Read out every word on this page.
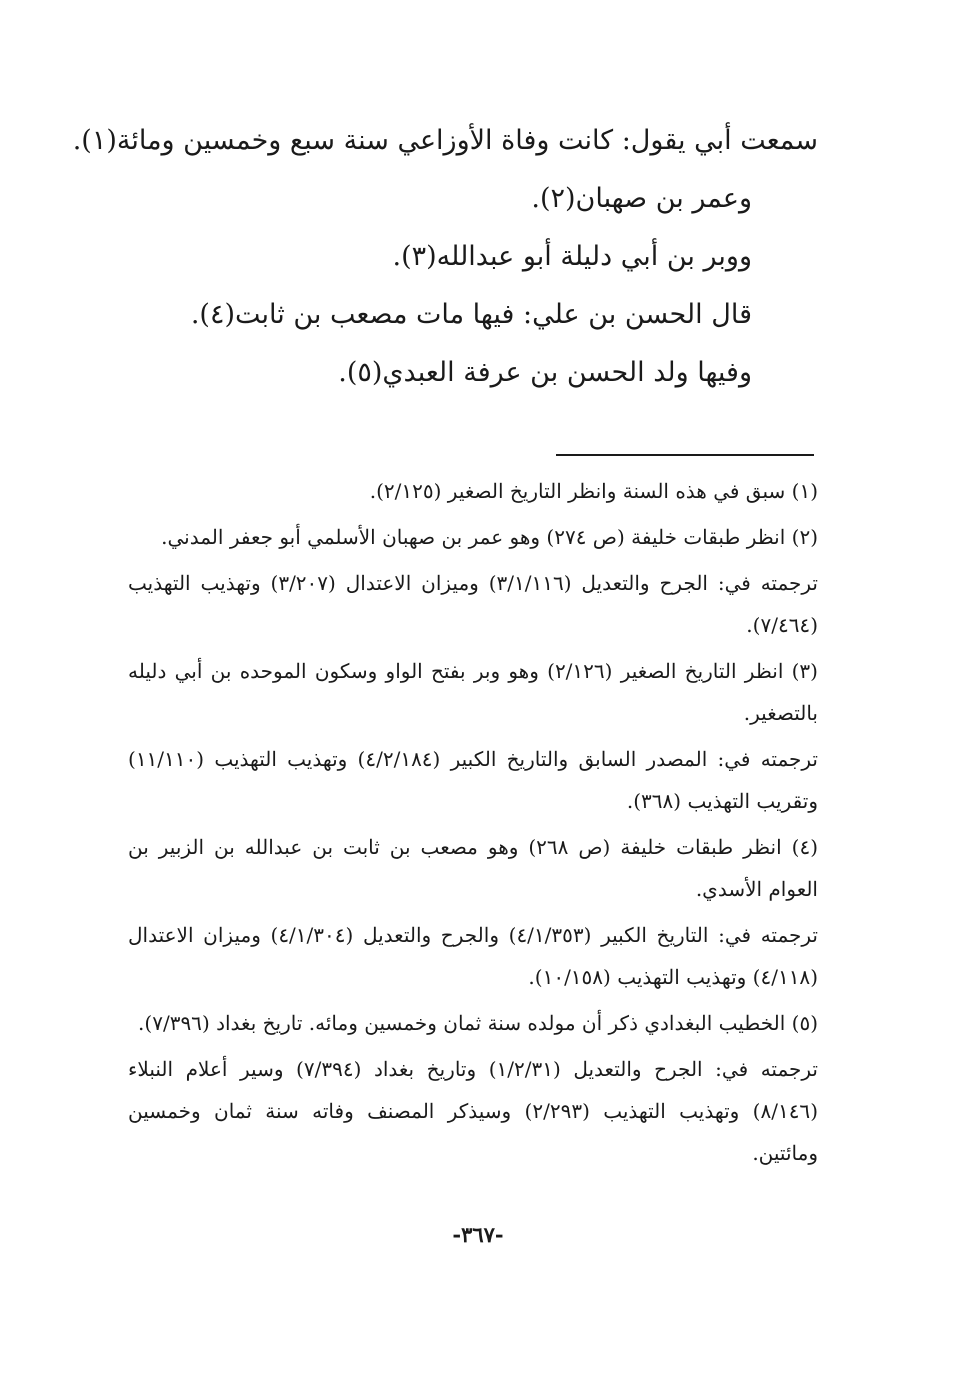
سمعت أبي يقول: كانت وفاة الأوزاعي سنة سبع وخمسين ومائة(١).

وعمر بن صهبان(٢).

ووبر بن أبي دليلة أبو عبدالله(٣).

قال الحسن بن علي: فيها مات مصعب بن ثابت(٤).

وفيها ولد الحسن بن عرفة العبدي(٥).

(١) سبق في هذه السنة وانظر التاريخ الصغير (٢/١٢٥).

(٢) انظر طبقات خليفة (ص ٢٧٤) وهو عمر بن صهبان الأسلمي أبو جعفر المدني.

ترجمته في: الجرح والتعديل (٣/١/١١٦) وميزان الاعتدال (٣/٢٠٧) وتهذيب التهذيب (٧/٤٦٤).

(٣) انظر التاريخ الصغير (٢/١٢٦) وهو وبر بفتح الواو وسكون الموحده بن أبي دليله بالتصغير.

ترجمته في: المصدر السابق والتاريخ الكبير (٤/٢/١٨٤) وتهذيب التهذيب (١١/١١٠) وتقريب التهذيب (٣٦٨).

(٤) انظر طبقات خليفة (ص ٢٦٨) وهو مصعب بن ثابت بن عبدالله بن الزبير بن العوام الأسدي.

ترجمته في: التاريخ الكبير (٤/١/٣٥٣) والجرح والتعديل (٤/١/٣٠٤) وميزان الاعتدال (٤/١١٨) وتهذيب التهذيب (١٠/١٥٨).

(٥) الخطيب البغدادي ذكر أن مولده سنة ثمان وخمسين ومائه. تاريخ بغداد (٧/٣٩٦).

ترجمته في: الجرح والتعديل (١/٢/٣١) وتاريخ بغداد (٧/٣٩٤) وسير أعلام النبلاء (٨/١٤٦) وتهذيب التهذيب (٢/٢٩٣) وسيذكر المصنف وفاته سنة ثمان وخمسين ومائتين.

-٣٦٧-
